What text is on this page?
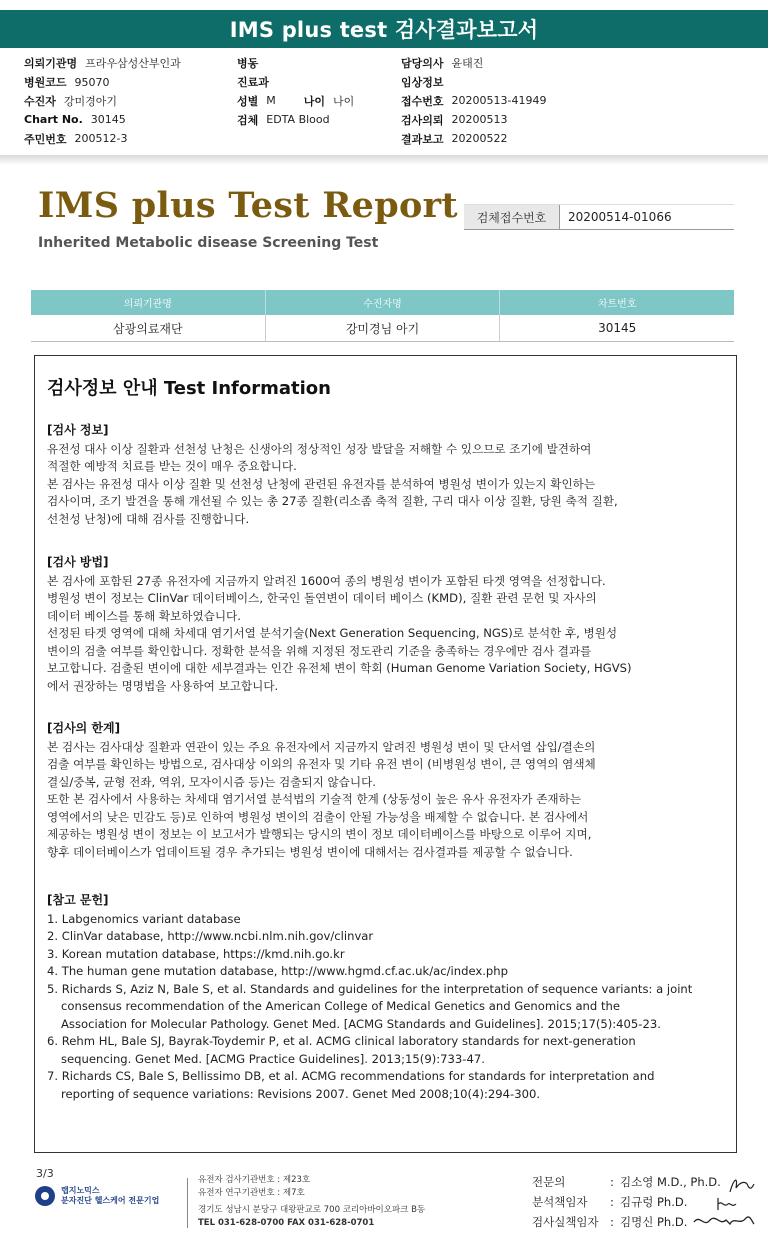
IMS plus test 검사결과보고서
의뢰기관명 프라우삼성산부인과	병동	담당의사 윤태진
병원코드 95070	진료과	임상정보
수진자 강미경아기	성별 M	나이 나이	접수번호 20200513-41949
Chart No. 30145	검체 EDTA Blood	검사의뢰 20200513
주민번호 200512-3	결과보고 20200522
IMS plus Test Report
Inherited Metabolic disease Screening Test
검체접수번호	20200514-01066
의뢰기관명	수진자명	차트번호
삼광의료재단	강미경님 아기	30145
검사정보 안내 Test Information
[검사 정보]

유전성 대사 이상 질환과 선천성 난청은 신생아의 정상적인 성장 발달을 저해할 수 있으므로 조기에 발견하여

적절한 예방적 치료를 받는 것이 매우 중요합니다.

본 검사는 유전성 대사 이상 질환 및 선천성 난청에 관련된 유전자를 분석하여 병원성 변이가 있는지 확인하는

검사이며, 조기 발견을 통해 개선될 수 있는 총 27종 질환(리소좀 축적 질환, 구리 대사 이상 질환, 당원 축적 질환,

선천성 난청)에 대해 검사를 진행합니다.

[검사 방법]

본 검사에 포함된 27종 유전자에 지금까지 알려진 1600여 종의 병원성 변이가 포함된 타겟 영역을 선정합니다.

병원성 변이 정보는 ClinVar 데이터베이스, 한국인 돌연변이 데이터 베이스 (KMD), 질환 관련 문헌 및 자사의

데이터 베이스를 통해 확보하였습니다.

선정된 타겟 영역에 대해 차세대 염기서열 분석기술(Next Generation Sequencing, NGS)로 분석한 후, 병원성

변이의 검출 여부를 확인합니다. 정확한 분석을 위해 지정된 정도관리 기준을 충족하는 경우에만 검사 결과를

보고합니다. 검출된 변이에 대한 세부결과는 인간 유전체 변이 학회 (Human Genome Variation Society, HGVS)

에서 권장하는 명명법을 사용하여 보고합니다.

[검사의 한계]

본 검사는 검사대상 질환과 연관이 있는 주요 유전자에서 지금까지 알려진 병원성 변이 및 단서열 삽입/결손의

검출 여부를 확인하는 방법으로, 검사대상 이외의 유전자 및 기타 유전 변이 (비병원성 변이, 큰 영역의 염색체

결실/중복, 균형 전좌, 역위, 모자이시즘 등)는 검출되지 않습니다.

또한 본 검사에서 사용하는 차세대 염기서열 분석법의 기술적 한계 (상동성이 높은 유사 유전자가 존재하는

영역에서의 낮은 민감도 등)로 인하여 병원성 변이의 검출이 안될 가능성을 배제할 수 없습니다. 본 검사에서

제공하는 병원성 변이 정보는 이 보고서가 발행되는 당시의 변이 정보 데이터베이스를 바탕으로 이루어 지며,

향후 데이터베이스가 업데이트될 경우 추가되는 병원성 변이에 대해서는 검사결과를 제공할 수 없습니다.

[참고 문헌]

1. Labgenomics variant database

2. ClinVar database, http://www.ncbi.nlm.nih.gov/clinvar

3. Korean mutation database, https://kmd.nih.go.kr

4. The human gene mutation database, http://www.hgmd.cf.ac.uk/ac/index.php

5. Richards S, Aziz N, Bale S, et al. Standards and guidelines for the interpretation of sequence variants: a joint

consensus recommendation of the American College of Medical Genetics and Genomics and the

Association for Molecular Pathology. Genet Med. [ACMG Standards and Guidelines]. 2015;17(5):405-23.

6. Rehm HL, Bale SJ, Bayrak-Toydemir P, et al. ACMG clinical laboratory standards for next-generation

sequencing. Genet Med. [ACMG Practice Guidelines]. 2013;15(9):733-47.

7. Richards CS, Bale S, Bellissimo DB, et al. ACMG recommendations for standards for interpretation and

reporting of sequence variations: Revisions 2007. Genet Med 2008;10(4):294-300.

3/3
랩지노믹스
분자진단 헬스케어 전문기업
유전자 검사기관번호 : 제23호
유전자 연구기관번호 : 제7호
경기도 성남시 분당구 대왕판교로 700 코리아바이오파크 B동
TEL 031-628-0700 FAX 031-628-0701
전문의	: 김소영 M.D., Ph.D.
분석책임자	: 김규렁 Ph.D.
검사실책임자 : 김명신 Ph.D.
